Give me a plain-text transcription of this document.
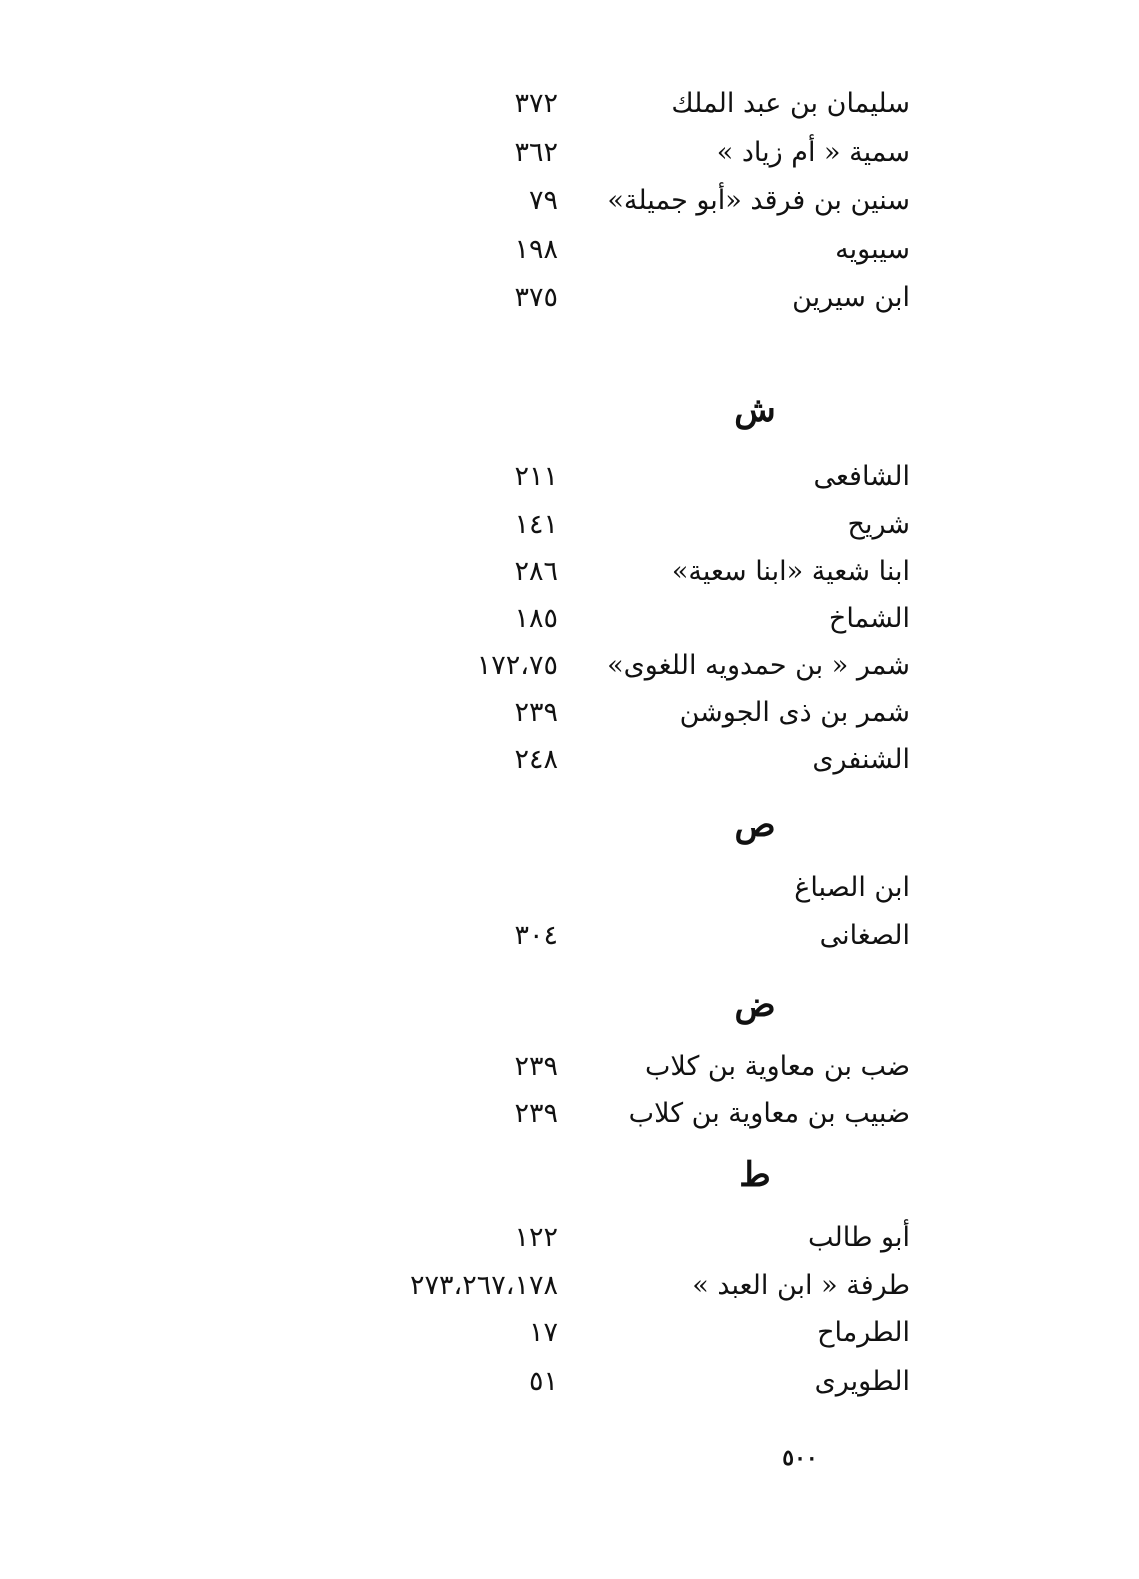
سليمان بن عبد الملك
٣٧٢
سمية « أم زياد »
٣٦٢
سنين بن فرقد «أبو جميلة»
٧٩
سيبويه
١٩٨
ابن سيرين
٣٧٥
ش
الشافعى
٢١١
شريح
١٤١
ابنا شعية «ابنا سعية»
٢٨٦
الشماخ
١٨٥
شمر « بن حمدويه اللغوى»
١٧٢،٧٥
شمر بن ذى الجوشن
٢٣٩
الشنفرى
٢٤٨
ص
ابن الصباغ
الصغانى
٣٠٤
ض
ضب بن معاوية بن كلاب
٢٣٩
ضبيب بن معاوية بن كلاب
٢٣٩
ط
أبو طالب
١٢٢
طرفة « ابن العبد »
٢٧٣،٢٦٧،١٧٨
الطرماح
١٧
الطويرى
٥١
٥٠٠
